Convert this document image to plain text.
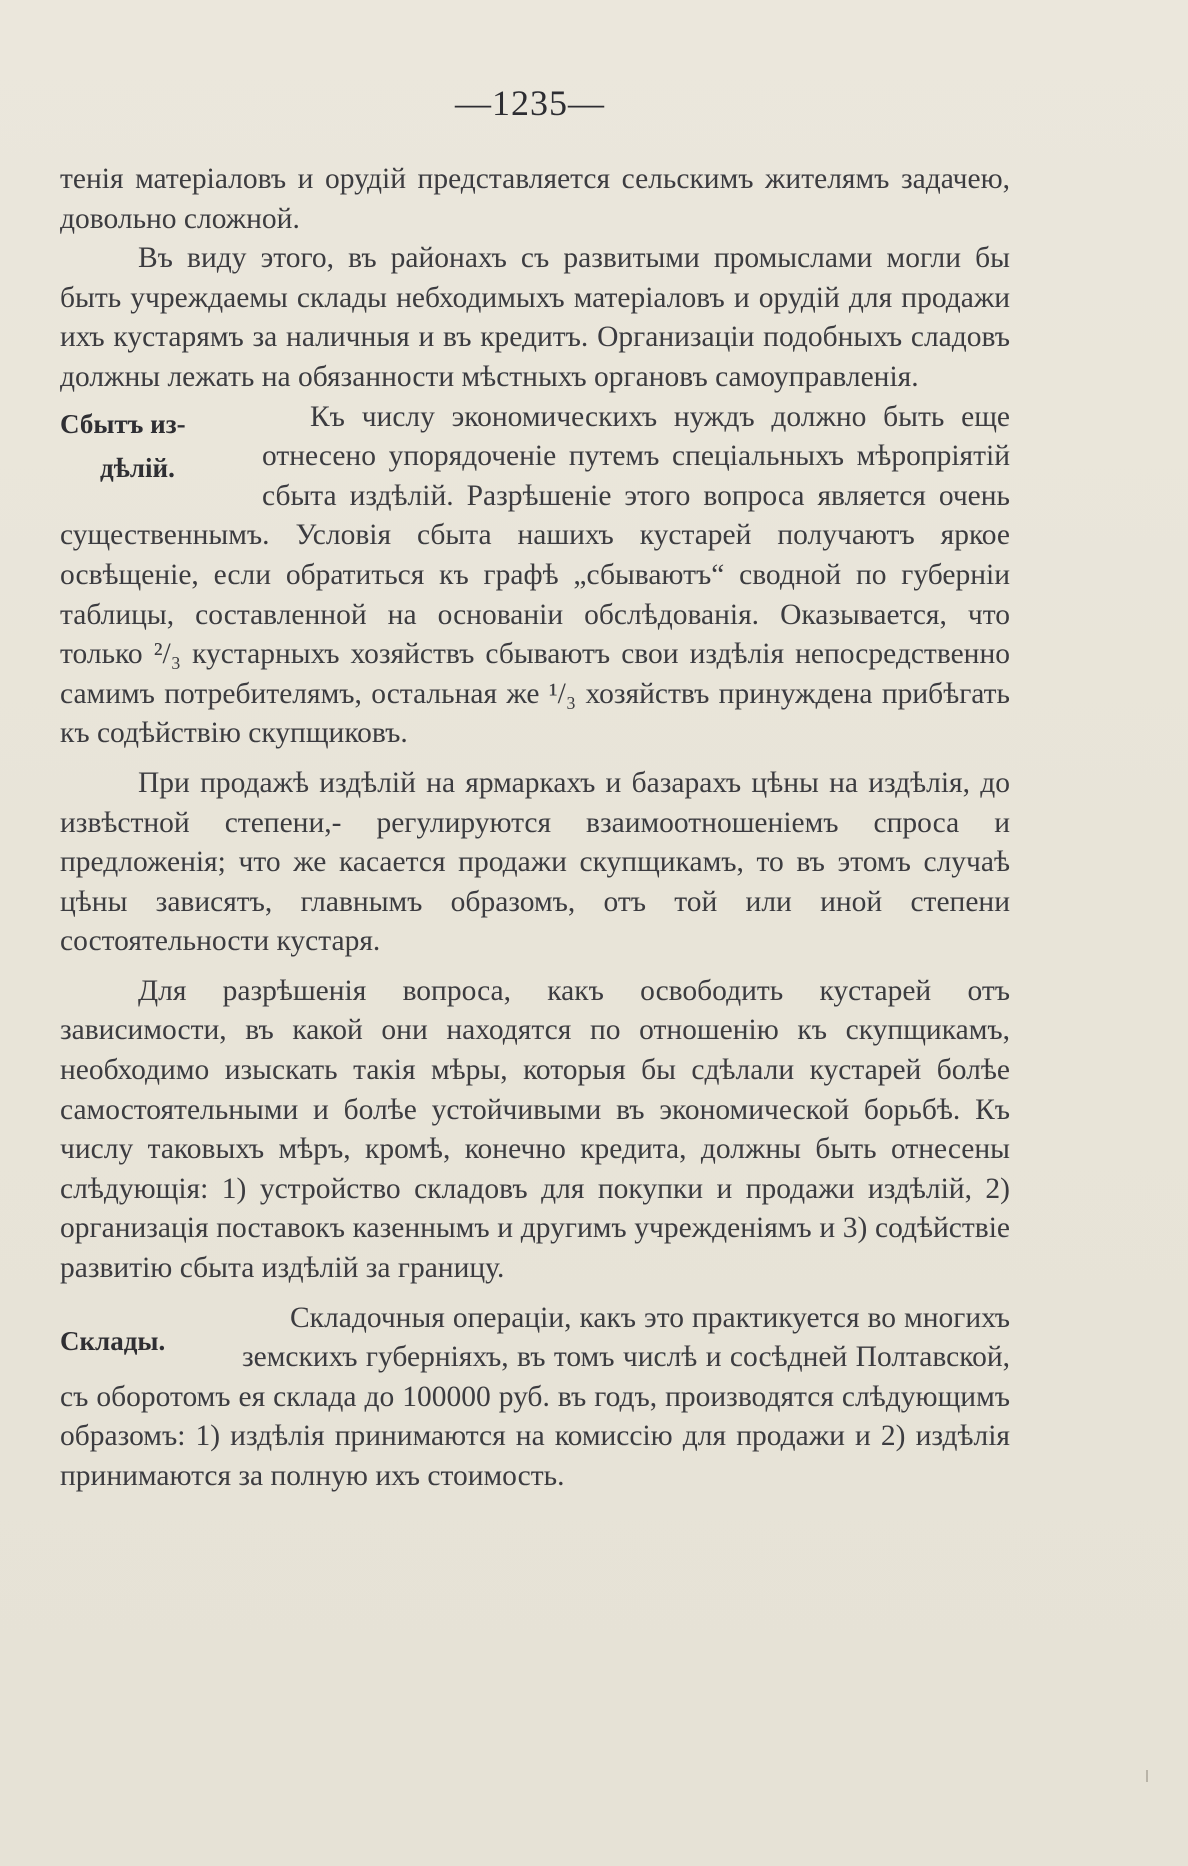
—1235—

тенія матеріаловъ и орудій представляется сельскимъ жителямъ задачею, довольно сложной.

Въ виду этого, въ районахъ съ развитыми промыслами могли бы быть учреждаемы склады небходимыхъ матеріаловъ и орудій для продажи ихъ кустарямъ за наличныя и въ кредитъ. Организаціи подобныхъ сладовъ должны лежать на обязанности мѣстныхъ органовъ самоуправленія.

Сбытъ из-
дѣлій.

Къ числу экономическихъ нуждъ должно быть еще отнесено упорядоченіе путемъ спеціальныхъ мѣропріятій сбыта издѣлій. Разрѣшеніе этого вопроса является очень существеннымъ. Условія сбыта нашихъ кустарей получаютъ яркое освѣщеніе, если обратиться къ графѣ „сбываютъ“ сводной по губерніи таблицы, составленной на основаніи обслѣдованія. Оказывается, что только ²/₃ кустарныхъ хозяйствъ сбываютъ свои издѣлія непосредственно самимъ потребителямъ, остальная же ¹/₃ хозяйствъ принуждена прибѣгать къ содѣйствію скупщиковъ.

При продажѣ издѣлій на ярмаркахъ и базарахъ цѣны на издѣлія, до извѣстной степени,- регулируются взаимоотношеніемъ спроса и предложенія; что же касается продажи скупщикамъ, то въ этомъ случаѣ цѣны зависятъ, главнымъ образомъ, отъ той или иной степени состоятельности кустаря.

Для разрѣшенія вопроса, какъ освободить кустарей отъ зависимости, въ какой они находятся по отношенію къ скупщикамъ, необходимо изыскать такія мѣры, которыя бы сдѣлали кустарей болѣе самостоятельными и болѣе устойчивыми въ экономической борьбѣ. Къ числу таковыхъ мѣръ, кромѣ, конечно кредита, должны быть отнесены слѣдующія: 1) устройство складовъ для покупки и продажи издѣлій, 2) организація поставокъ казеннымъ и другимъ учрежденіямъ и 3) содѣйствіе развитію сбыта издѣлій за границу.

Склады.

Складочныя операціи, какъ это практикуется во многихъ земскихъ губерніяхъ, въ томъ числѣ и сосѣдней Полтавской, съ оборотомъ ея склада до 100000 руб. въ годъ, производятся слѣдующимъ образомъ: 1) издѣлія принимаются на комиссію для продажи и 2) издѣлія принимаются за полную ихъ стоимость.
